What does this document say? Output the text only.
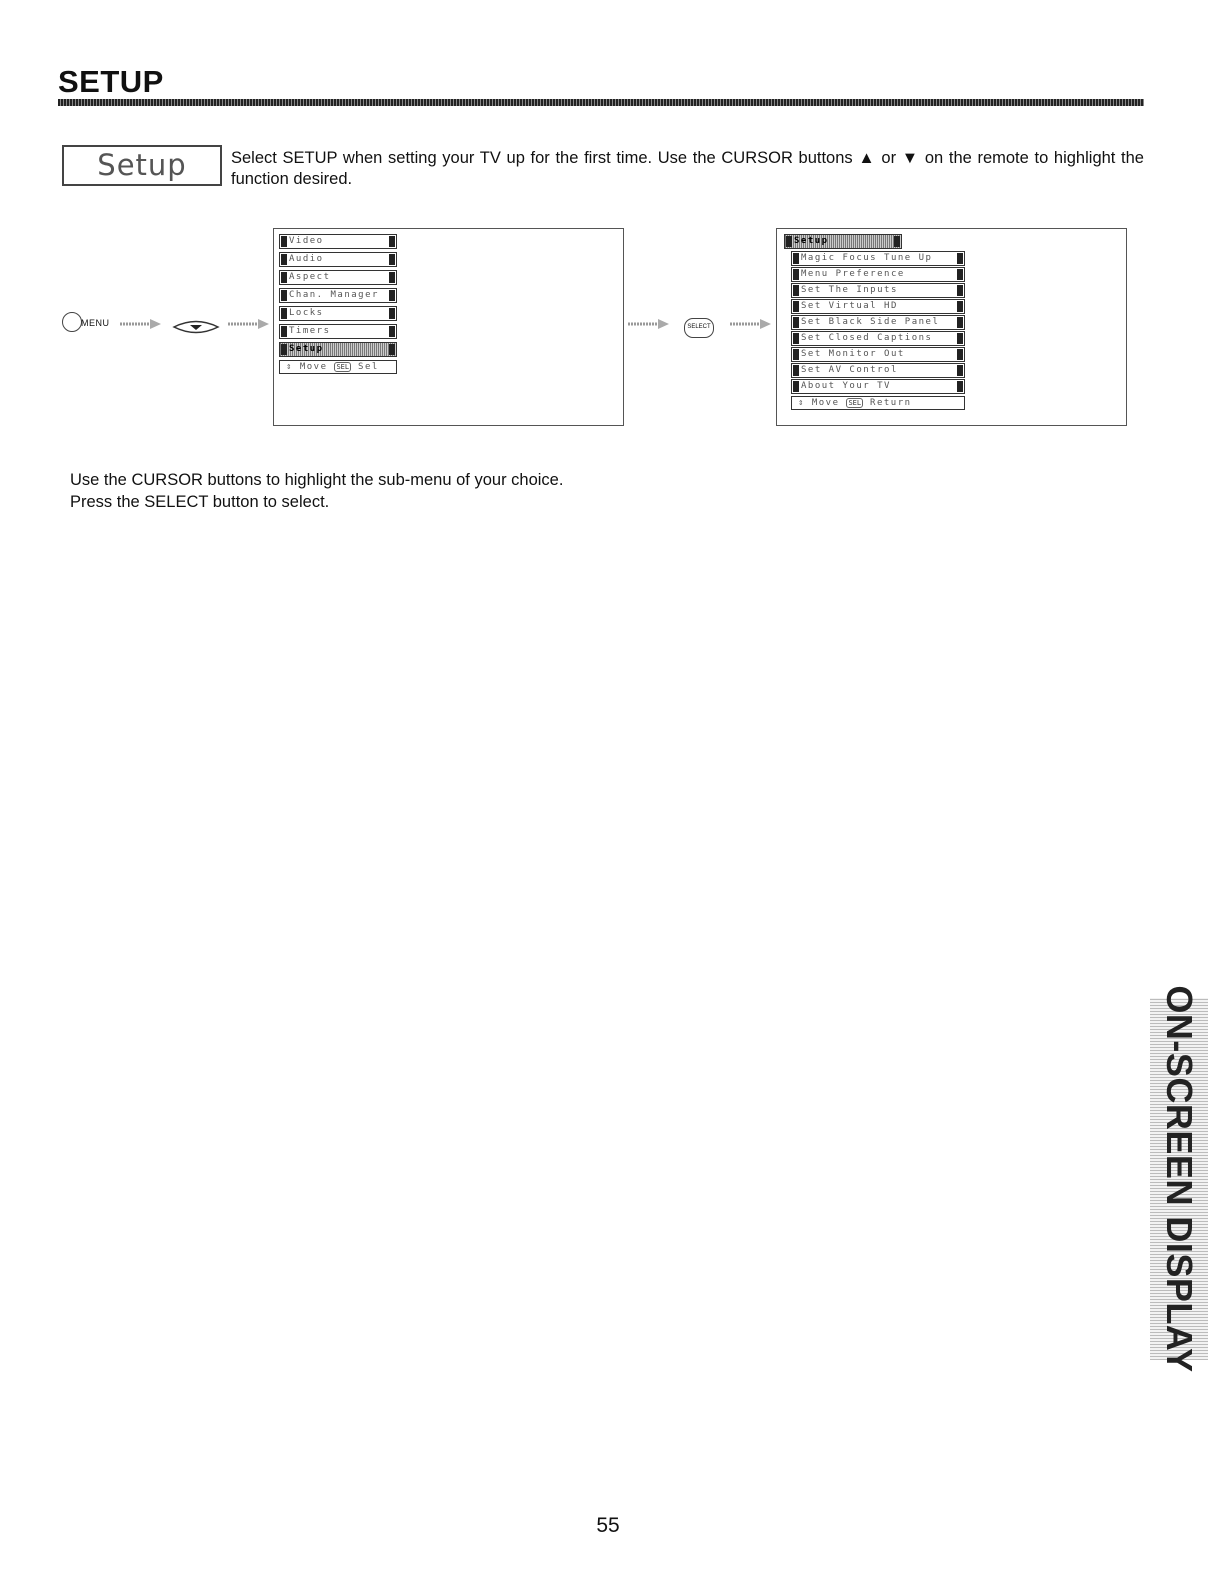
SETUP
Setup	Select SETUP when setting your TV up for the first time. Use the CURSOR buttons ▲ or ▼ on the remote to highlight the function desired.
MENU	SELECT
Video
Audio
Aspect
Chan. Manager
Locks
Timers
Setup
⇕ Move SEL Sel
Setup
Magic Focus Tune Up
Menu Preference
Set The Inputs
Set Virtual HD
Set Black Side Panel
Set Closed Captions
Set Monitor Out
Set AV Control
About Your TV
⇕ Move SEL Return
Use the CURSOR buttons to highlight the sub-menu of your choice.
Press the SELECT button to select.
ON-SCREEN DISPLAY
55
